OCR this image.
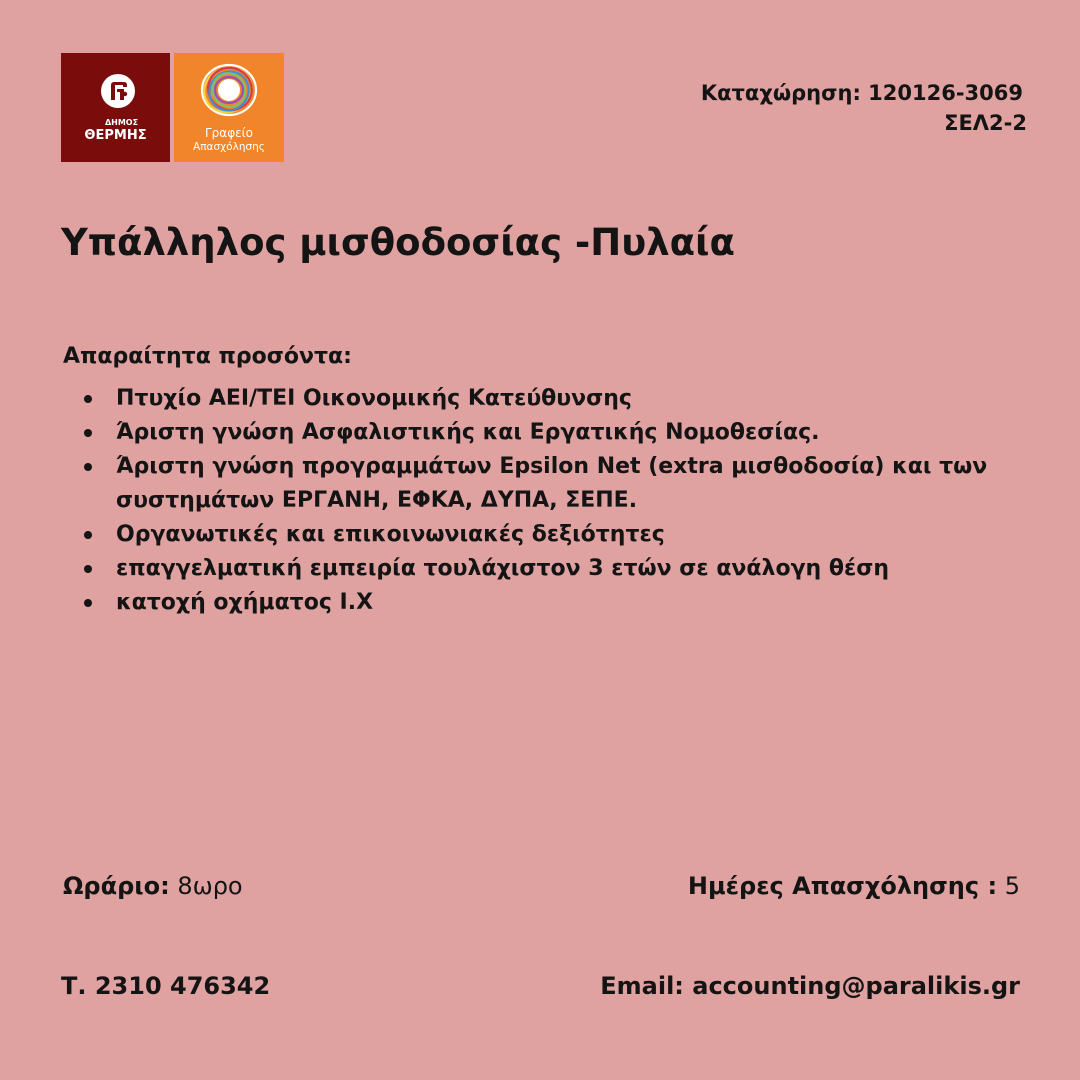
ΔΗΜΟΣ
ΘΕΡΜΗΣ	Γραφείο
Απασχόλησης
Καταχώρηση: 120126-3069
ΣΕΛ2-2
Υπάλληλος μισθοδοσίας -Πυλαία
Απαραίτητα προσόντα:
Πτυχίο ΑΕΙ/ΤΕΙ Οικονομικής Κατεύθυνσης
Άριστη γνώση Ασφαλιστικής και Εργατικής Νομοθεσίας.
Άριστη γνώση προγραμμάτων Epsilon Net (extra μισθοδοσία) και των συστημάτων ΕΡΓΑΝΗ, ΕΦΚΑ, ΔΥΠΑ, ΣΕΠΕ.
Οργανωτικές και επικοινωνιακές δεξιότητες
επαγγελματική εμπειρία τουλάχιστον 3 ετών σε ανάλογη θέση
κατοχή οχήματος Ι.Χ
Ωράριο: 8ωρο	Ημέρες Απασχόλησης : 5
Τ. 2310 476342	Email: accounting@paralikis.gr
